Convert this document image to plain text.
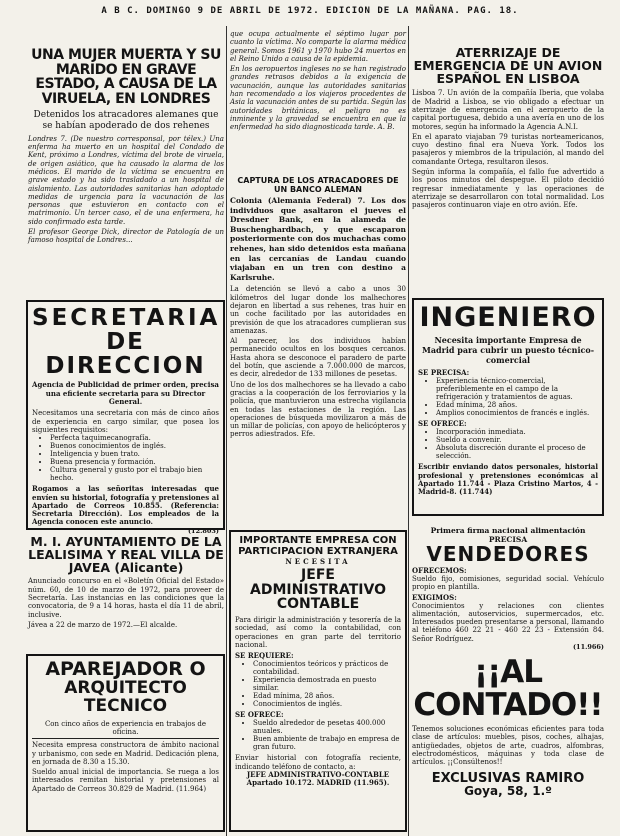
A B C. DOMINGO 9 DE ABRIL DE 1972. EDICION DE LA MAÑANA. PAG. 18.
UNA MUJER MUERTA Y SU MARIDO EN GRAVE ESTADO, A CAUSA DE LA VIRUELA, EN LONDRES
Detenidos los atracadores alemanes que se habían apoderado de dos rehenes
Londres 7. (De nuestro corresponsal, por télex.) Una enferma ha muerto en un hospital del Condado de Kent, próximo a Londres, víctima del brote de viruela, de origen asiático, que ha causado la alarma de los médicos. El marido de la víctima se encuentra en grave estado y ha sido trasladado a un hospital de aislamiento. Las autoridades sanitarias han adoptado medidas de urgencia para la vacunación de las personas que estuvieron en contacto con el matrimonio. Un tercer caso, el de una enfermera, ha sido confirmado esta tarde.
El profesor George Dick, director de Patología de un famoso hospital de Londres...
SECRETARIA
DE DIRECCION
Agencia de Publicidad de primer orden, precisa una eficiente secretaria para su Director General.
Necesitamos una secretaria con más de cinco años de experiencia en cargo similar, que posea los siguientes requisitos:
• Perfecta taquimecanografía.
• Buenos conocimientos de inglés.
• Inteligencia y buen trato.
• Buena presencia y formación.
• Cultura general y gusto por el trabajo bien hecho.
Rogamos a las señoritas interesadas que envíen su historial, fotografía y pretensiones al Apartado de Correos 10.855. (Referencia: Secretaria Dirección). Los empleados de la Agencia conocen este anuncio.
(12.803)
M. I. AYUNTAMIENTO DE LA LEALISIMA Y REAL VILLA DE JAVEA (Alicante)
Anunciado concurso en el «Boletín Oficial del Estado» núm. 60, de 10 de marzo de 1972, para proveer de Secretaría. Las instancias en las condiciones que la convocatoria, de 9 a 14 horas, hasta el día 11 de abril, inclusive.
Jávea a 22 de marzo de 1972.—El alcalde.
APAREJADOR O
ARQUITECTO TECNICO
Con cinco años de experiencia en trabajos de oficina.
Necesita empresa constructora de ámbito nacional y urbanismo, con sede en Madrid. Dedicación plena, en jornada de 8.30 a 15.30.
Sueldo anual inicial de importancia. Se ruega a los interesados remitan historial y pretensiones al Apartado de Correos 30.829 de Madrid. (11.964)
que ocupa actualmente el séptimo lugar por cuanto la víctima. No comparte la alarma médica general. Somos 1961 y 1970 hubo 24 muertos en el Reino Unido a causa de la epidemia.
En los aeropuertos ingleses no se han registrado grandes retrasos debidos a la exigencia de vacunación, aunque las autoridades sanitarias han recomendado a los viajeros procedentes de Asia la vacunación antes de su partida. Según las autoridades británicas, el peligro no es inminente y la gravedad se encuentra en que la enfermedad ha sido diagnosticada tarde. A. B.
CAPTURA DE LOS ATRACADORES DE UN BANCO ALEMAN
Colonia (Alemania Federal) 7. Los dos individuos que asaltaron el jueves el Dresdner Bank, en la alameda de Buschenghardbach, y que escaparon posteriormente con dos muchachas como rehenes, han sido detenidos esta mañana en las cercanías de Landau cuando viajaban en un tren con destino a Karlsruhe.
La detención se llevó a cabo a unos 30 kilómetros del lugar donde los malhechores dejaron en libertad a sus rehenes, tras huir en un coche facilitado por las autoridades en previsión de que los atracadores cumplieran sus amenazas.
Al parecer, los dos individuos habían permanecido ocultos en los bosques cercanos. Hasta ahora se desconoce el paradero de parte del botín, que asciende a 7.000.000 de marcos, es decir, alrededor de 133 millones de pesetas.
Uno de los dos malhechores se ha llevado a cabo gracias a la cooperación de los ferroviarios y la policía, que mantuvieron una estrecha vigilancia en todas las estaciones de la región. Las operaciones de búsqueda movilizaron a más de un millar de policías, con apoyo de helicópteros y perros adiestrados. Efe.
IMPORTANTE EMPRESA CON
PARTICIPACION EXTRANJERA
NECESITA
JEFE ADMINISTRATIVO
CONTABLE
Para dirigir la administración y tesorería de la sociedad, así como la contabilidad, con operaciones en gran parte del territorio nacional.
SE REQUIERE:
• Conocimientos teóricos y prácticos de contabilidad.
• Experiencia demostrada en puesto similar.
• Edad mínima, 28 años.
• Conocimientos de inglés.
SE OFRECE:
• Sueldo alrededor de pesetas 400.000 anuales.
• Buen ambiente de trabajo en empresa de gran futuro.
Enviar historial con fotografía reciente, indicando teléfono de contacto, a:
JEFE ADMINISTRATIVO-CONTABLE Apartado 10.172. MADRID (11.965).
ATERRIZAJE DE EMERGENCIA DE UN AVION ESPAÑOL EN LISBOA
Lisboa 7. Un avión de la compañía Iberia, que volaba de Madrid a Lisboa, se vio obligado a efectuar un aterrizaje de emergencia en el aeropuerto de la capital portuguesa, debido a una avería en uno de los motores, según ha informado la Agencia A.N.I.
En el aparato viajaban 79 turistas norteamericanos, cuyo destino final era Nueva York. Todos los pasajeros y miembros de la tripulación, al mando del comandante Ortega, resultaron ilesos.
Según informa la compañía, el fallo fue advertido a los pocos minutos del despegue. El piloto decidió regresar inmediatamente y las operaciones de aterrizaje se desarrollaron con total normalidad. Los pasajeros continuaron viaje en otro avión. Efe.
INGENIERO
Necesita importante Empresa de Madrid para cubrir un puesto técnico-comercial
SE PRECISA:
• Experiencia técnico-comercial, preferiblemente en el campo de la refrigeración y tratamientos de aguas.
• Edad mínima, 28 años.
• Amplios conocimientos de francés e inglés.
SE OFRECE:
• Incorporación inmediata.
• Sueldo a convenir.
• Absoluta discreción durante el proceso de selección.
Escribir enviando datos personales, historial profesional y pretensiones económicas al Apartado 11.744 - Plaza Cristino Martos, 4 - Madrid-8. (11.744)
Primera firma nacional alimentación PRECISA
VENDEDORES
OFRECEMOS:
Sueldo fijo, comisiones, seguridad social. Vehículo propio en plantilla.
EXIGIMOS:
Conocimientos y relaciones con clientes alimentación, autoservicios, supermercados, etc. Interesados pueden presentarse a personal, llamando al teléfono 460 22 21 - 460 22 23 - Extensión 84. Señor Rodríguez.
(11.966)
¡¡AL CONTADO!!
Tenemos soluciones económicas eficientes para toda clase de artículos: muebles, pisos, coches, alhajas, antigüedades, objetos de arte, cuadros, alfombras, electrodomésticos, máquinas y toda clase de artículos. ¡¡Consúltenos!!
EXCLUSIVAS RAMIRO
Goya, 58, 1.º
